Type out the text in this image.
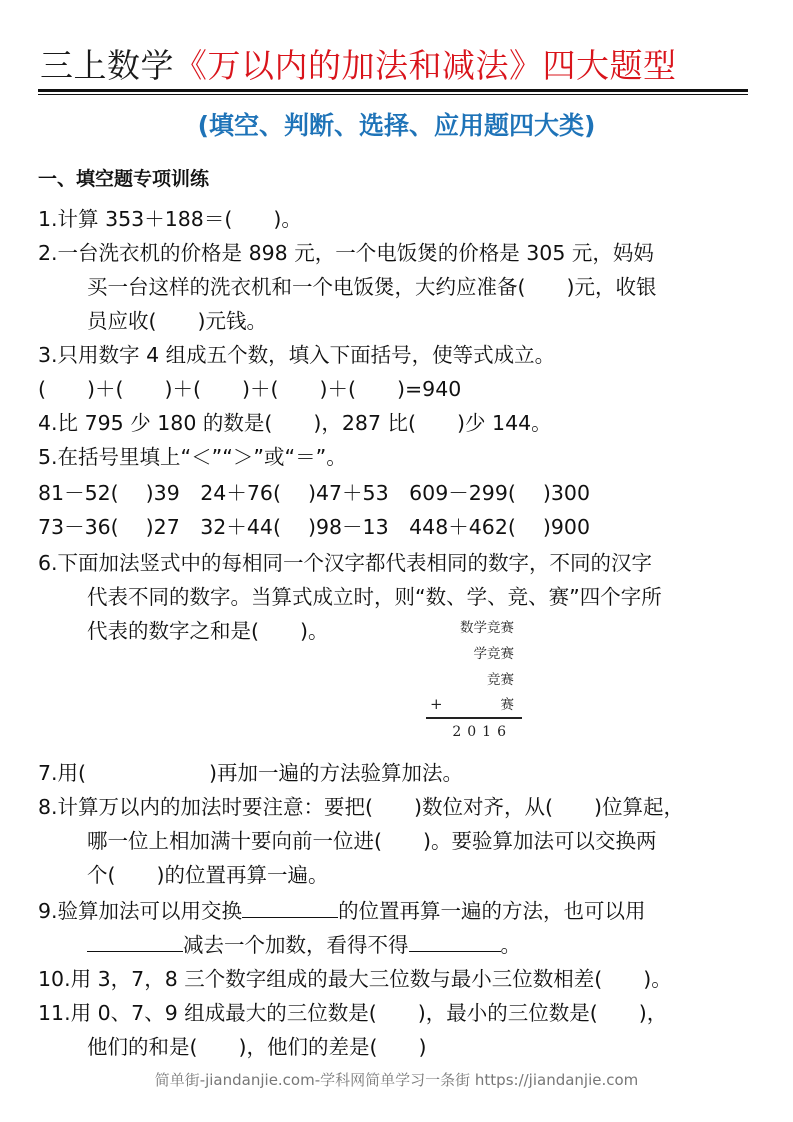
三上数学《万以内的加法和减法》四大题型
(填空、判断、选择、应用题四大类)
一、填空题专项训练
1.计算 353＋188＝(　　)。
2.一台洗衣机的价格是 898 元，一个电饭煲的价格是 305 元，妈妈
买一台这样的洗衣机和一个电饭煲，大约应准备(　　)元，收银
员应收(　　)元钱。
3.只用数字 4 组成五个数，填入下面括号，使等式成立。
(　　)＋(　　)＋(　　)＋(　　)＋(　　)=940
4.比 795 少 180 的数是(　　)，287 比(　　)少 144。
5.在括号里填上“＜”“＞”或“＝”。
81－52(　 )39　24＋76(　 )47＋53　609－299(　 )300
73－36(　 )27　32＋44(　 )98－13　448＋462(　 )900
6.下面加法竖式中的每相同一个汉字都代表相同的数字，不同的汉字
代表不同的数字。当算式成立时，则“数、学、竞、赛”四个字所
代表的数字之和是(　　)。	数学竞赛
学竞赛
竞赛
赛
+
2016
7.用(　　　　　　)再加一遍的方法验算加法。
8.计算万以内的加法时要注意：要把(　　)数位对齐，从(　　)位算起，
哪一位上相加满十要向前一位进(　　)。要验算加法可以交换两
个(　　)的位置再算一遍。
9.验算加法可以用交换	的位置再算一遍的方法，也可以用
减去一个加数，看得不得	。
10.用 3，7，8 三个数字组成的最大三位数与最小三位数相差(　　)。
11.用 0、7、9 组成最大的三位数是(　　)，最小的三位数是(　　)，
他们的和是(　　)，他们的差是(　　)
简单街-jiandanjie.com-学科网简单学习一条街 https://jiandanjie.com
